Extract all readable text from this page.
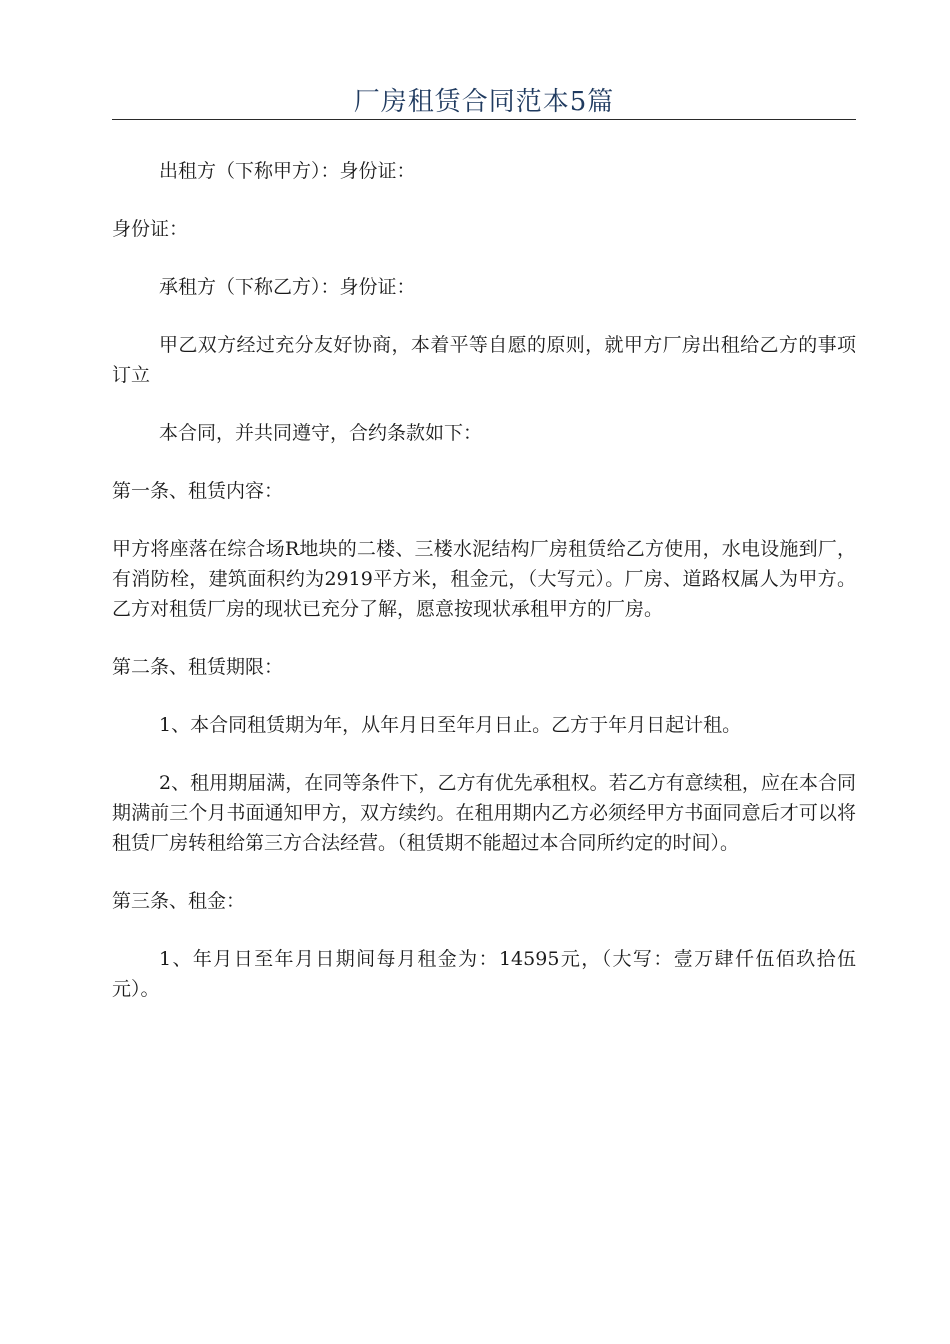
厂房租赁合同范本5篇

出租方（下称甲方）：身份证：

身份证：

承租方（下称乙方）：身份证：

甲乙双方经过充分友好协商，本着平等自愿的原则，就甲方厂房出租给乙方的事项订立

本合同，并共同遵守，合约条款如下：

第一条、租赁内容：

甲方将座落在综合场R地块的二楼、三楼水泥结构厂房租赁给乙方使用，水电设施到厂，有消防栓，建筑面积约为2919平方米，租金元，（大写元）。厂房、道路权属人为甲方。乙方对租赁厂房的现状已充分了解，愿意按现状承租甲方的厂房。

第二条、租赁期限：

1、本合同租赁期为年，从年月日至年月日止。乙方于年月日起计租。

2、租用期届满，在同等条件下，乙方有优先承租权。若乙方有意续租，应在本合同期满前三个月书面通知甲方，双方续约。在租用期内乙方必须经甲方书面同意后才可以将租赁厂房转租给第三方合法经营。（租赁期不能超过本合同所约定的时间）。

第三条、租金：

1、年月日至年月日期间每月租金为：14595元，（大写：壹万肆仟伍佰玖拾伍元）。
